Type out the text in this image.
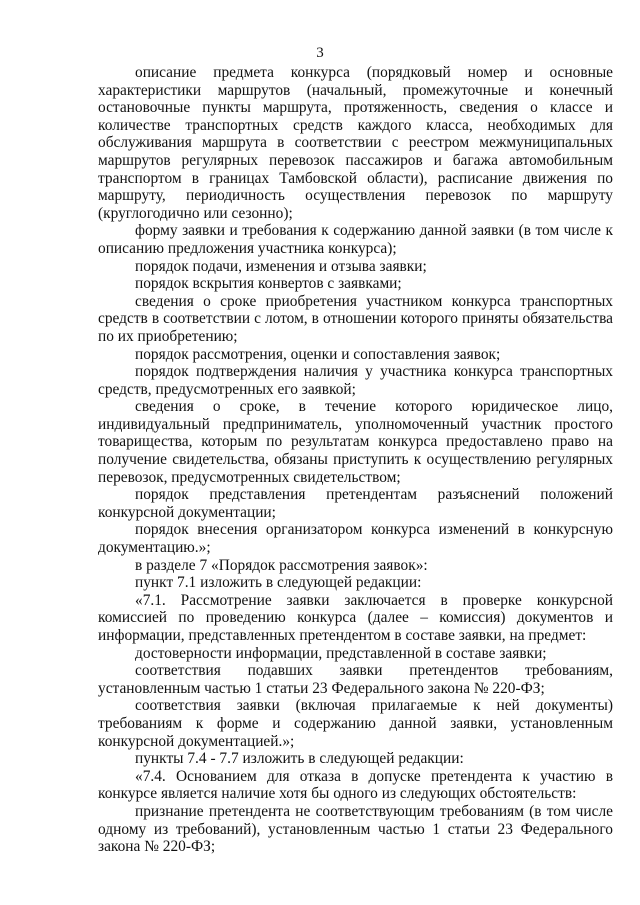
3

описание предмета конкурса (порядковый номер и основные характеристики маршрутов (начальный, промежуточные и конечный остановочные пункты маршрута, протяженность, сведения о классе и количестве транспортных средств каждого класса, необходимых для обслуживания маршрута в соответствии с реестром межмуниципальных маршрутов регулярных перевозок пассажиров и багажа автомобильным транспортом в границах Тамбовской области), расписание движения по маршруту, периодичность осуществления перевозок по маршруту (круглогодично или сезонно);

форму заявки и требования к содержанию данной заявки (в том числе к описанию предложения участника конкурса);

порядок подачи, изменения и отзыва заявки;

порядок вскрытия конвертов с заявками;

сведения о сроке приобретения участником конкурса транспортных средств в соответствии с лотом, в отношении которого приняты обязательства по их приобретению;

порядок рассмотрения, оценки и сопоставления заявок;

порядок подтверждения наличия у участника конкурса транспортных средств, предусмотренных его заявкой;

сведения о сроке, в течение которого юридическое лицо, индивидуальный предприниматель, уполномоченный участник простого товарищества, которым по результатам конкурса предоставлено право на получение свидетельства, обязаны приступить к осуществлению регулярных перевозок, предусмотренных свидетельством;

порядок представления претендентам разъяснений положений конкурсной документации;

порядок внесения организатором конкурса изменений в конкурсную документацию.»;

в разделе 7 «Порядок рассмотрения заявок»:

пункт 7.1 изложить в следующей редакции:

«7.1. Рассмотрение заявки заключается в проверке конкурсной комиссией по проведению конкурса (далее – комиссия) документов и информации, представленных претендентом в составе заявки, на предмет:

достоверности информации, представленной в составе заявки;

соответствия подавших заявки претендентов требованиям, установленным частью 1 статьи 23 Федерального закона № 220-ФЗ;

соответствия заявки (включая прилагаемые к ней документы) требованиям к форме и содержанию данной заявки, установленным конкурсной документацией.»;

пункты 7.4 - 7.7 изложить в следующей редакции:

«7.4. Основанием для отказа в допуске претендента к участию в конкурсе является наличие хотя бы одного из следующих обстоятельств:

признание претендента не соответствующим требованиям (в том числе одному из требований), установленным частью 1 статьи 23 Федерального закона № 220-ФЗ;
